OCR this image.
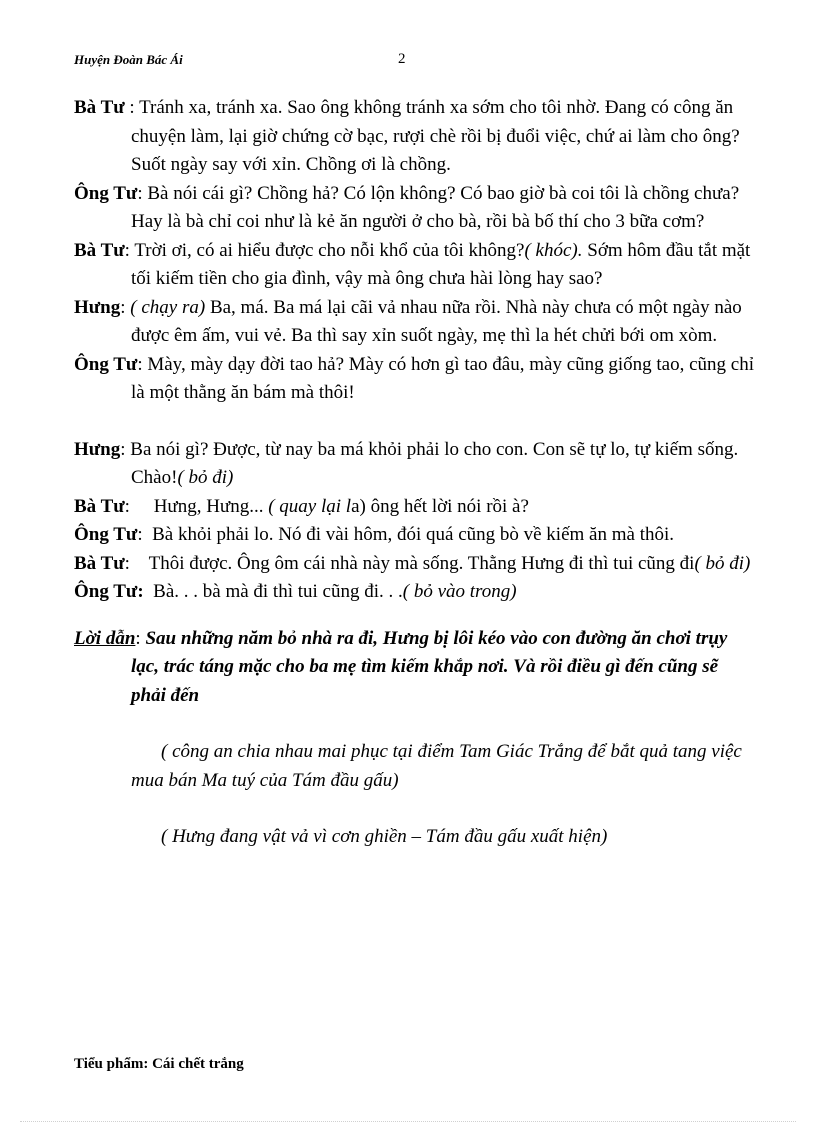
Huyện Đoàn Bác Ái	2

Bà Tư : Tránh xa, tránh xa. Sao ông không tránh xa sớm cho tôi nhờ. Đang có công ăn chuyện làm, lại giờ chứng cờ bạc, rượi chè rồi bị đuổi việc, chứ ai làm cho ông? Suốt ngày say với xỉn. Chồng ơi là chồng.

Ông Tư: Bà nói cái gì? Chồng hả? Có lộn không? Có bao giờ bà coi tôi là chồng chưa? Hay là bà chỉ coi như là kẻ ăn người ở cho bà, rồi bà bố thí cho 3 bữa cơm?

Bà Tư: Trời ơi, có ai hiểu được cho nỗi khổ của tôi không?( khóc). Sớm hôm đầu tắt mặt tối kiếm tiền cho gia đình, vậy mà ông chưa hài lòng hay sao?

Hưng: ( chạy ra) Ba, má. Ba má lại cãi vả nhau nữa rồi. Nhà này chưa có một ngày nào được êm ấm, vui vẻ. Ba thì say xỉn suốt ngày, mẹ thì la hét chửi bới om xòm.

Ông Tư: Mày, mày dạy đời tao hả? Mày có hơn gì tao đâu, mày cũng giống tao, cũng chỉ là một thằng ăn bám mà thôi!

Hưng: Ba nói gì? Được, từ nay ba má khỏi phải lo cho con. Con sẽ tự lo, tự kiếm sống. Chào!( bỏ đi)

Bà Tư:     Hưng, Hưng... ( quay lại la) ông hết lời nói rồi à?

Ông Tư:  Bà khỏi phải lo. Nó đi vài hôm, đói quá cũng bò về kiếm ăn mà thôi.

Bà Tư:    Thôi được. Ông ôm cái nhà này mà sống. Thằng Hưng đi thì tui cũng đi( bỏ đi)

Ông Tư: Bà. . . bà mà đi thì tui cũng đi. . .( bỏ vào trong)

Lời dẫn: Sau những năm bỏ nhà ra đi, Hưng bị lôi kéo vào con đường ăn chơi trụy lạc, trác táng mặc cho ba mẹ tìm kiếm khắp nơi. Và rồi điều gì đến cũng sẽ phải đến

( công an chia nhau mai phục tại điểm Tam Giác Trắng để bắt quả tang việc mua bán Ma tuý của Tám đầu gấu)

( Hưng đang vật vả vì cơn ghiền – Tám đầu gấu xuất hiện)

Tiểu phẩm: Cái chết trắng
